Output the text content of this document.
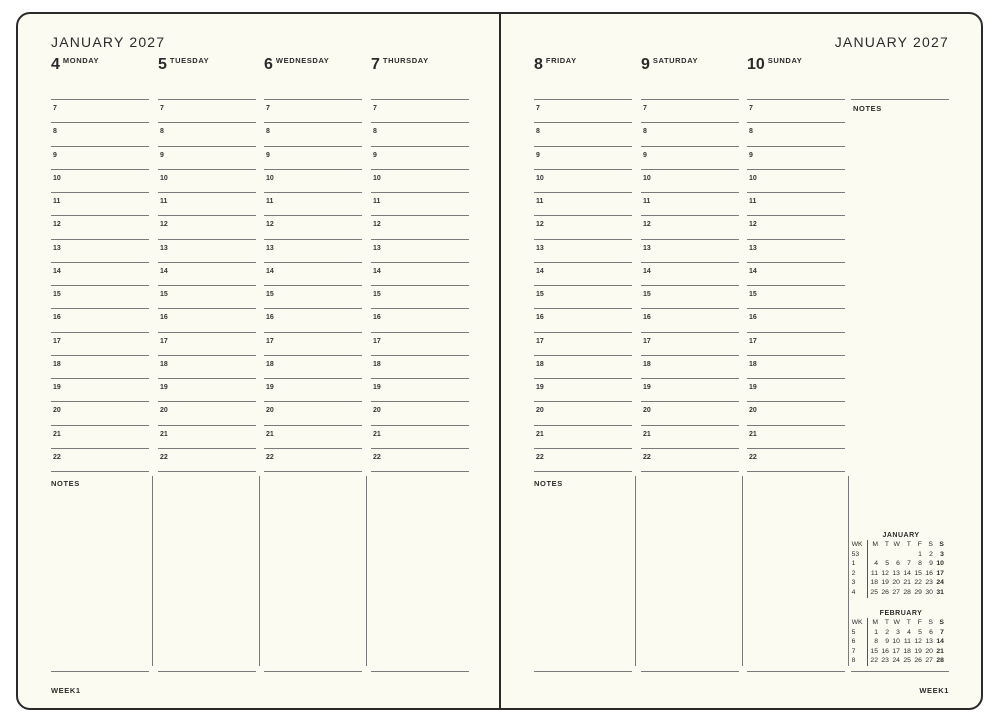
JANUARY 2027
4 $^{MONDAY}$
7
8
9
10
11
12
13
14
15
16
17
18
19
20
21
22
5 $^{TUESDAY}$
7
8
9
10
11
12
13
14
15
16
17
18
19
20
21
22
6 $^{WEDNESDAY}$
7
8
9
10
11
12
13
14
15
16
17
18
19
20
21
22
7 $^{THURSDAY}$
7
8
9
10
11
12
13
14
15
16
17
18
19
20
21
22
NOTES
WEEK1
JANUARY 2027
8 $^{FRIDAY}$
7
8
9
10
11
12
13
14
15
16
17
18
19
20
21
22
9 $^{SATURDAY}$
7
8
9
10
11
12
13
14
15
16
17
18
19
20
21
22
10 $^{SUNDAY}$
7
8
9
10
11
12
13
14
15
16
17
18
19
20
21
22
NOTES
NOTES
JANUARY
WK	M	T	W	T	F	S	S
53					1	2	3
1	4	5	6	7	8	9	10
2	11	12	13	14	15	16	17
3	18	19	20	21	22	23	24
4	25	26	27	28	29	30	31
FEBRUARY
WK	M	T	W	T	F	S	S
5	1	2	3	4	5	6	7
6	8	9	10	11	12	13	14
7	15	16	17	18	19	20	21
8	22	23	24	25	26	27	28
WEEK1
